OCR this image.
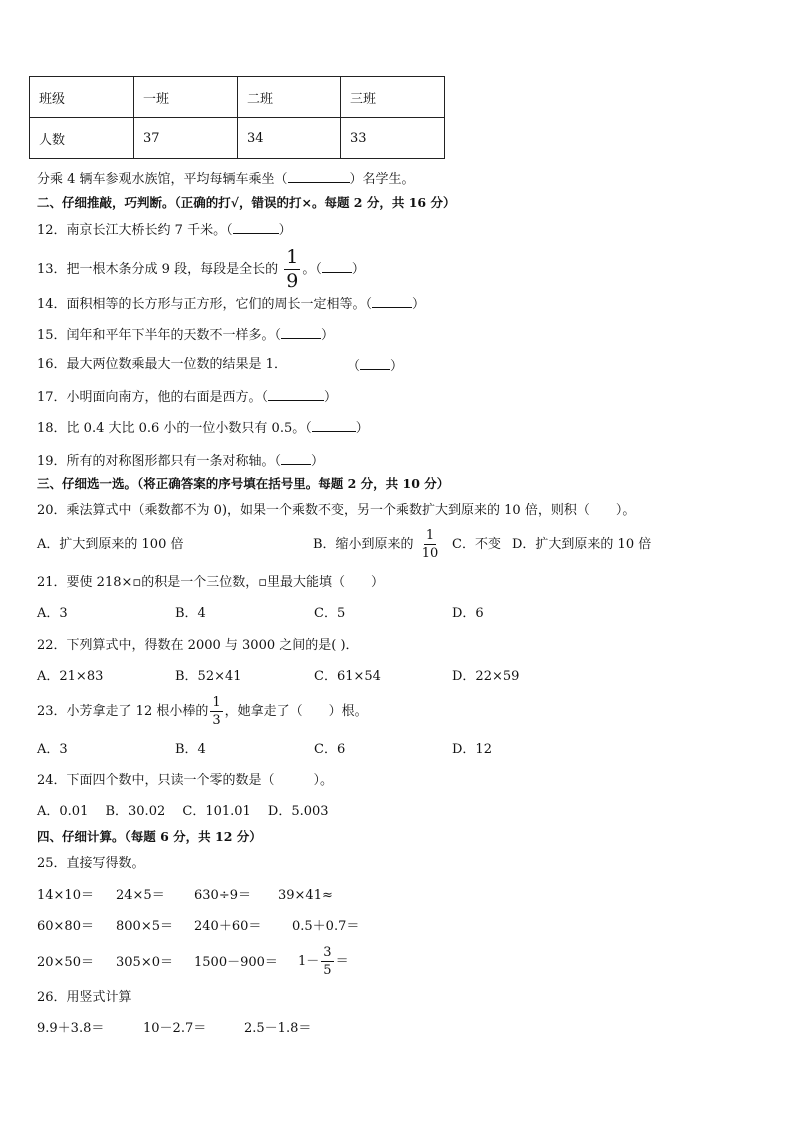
班级	一班	二班	三班
人数	37	34	33
分乘 4 辆车参观水族馆，平均每辆车乘坐（	）名学生。
二、仔细推敲，巧判断。（正确的打√，错误的打×。每题 2 分，共 16 分）
12．南京长江大桥长约 7 千米。（	）
13．把一根木条分成 9 段，每段是全长的 $\frac{1}{9}$ 。（ ）
14．面积相等的长方形与正方形，它们的周长一定相等。（	）
15．闰年和平年下半年的天数不一样多。（	）
16．最大两位数乘最大一位数的结果是 1．	（ ）
17．小明面向南方，他的右面是西方。（	）
18．比 0.4 大比 0.6 小的一位小数只有 0.5。（	）
19．所有的对称图形都只有一条对称轴。（ ）
三、仔细选一选。（将正确答案的序号填在括号里。每题 2 分，共 10 分）
20．乘法算式中（乘数都不为 0)，如果一个乘数不变，另一个乘数扩大到原来的 10 倍，则积（　　）。
A．扩大到原来的 100 倍	B．缩小到原来的 $\frac{1}{10}$ C．不变 D．扩大到原来的 10 倍
21．要使 218×▫的积是一个三位数，▫里最大能填（　　）
A．3	B．4	C．5	D．6
22．下列算式中，得数在 2000 与 3000 之间的是( )．
A．21×83	B．52×41	C．61×54	D．22×59
23．小芳拿走了 12 根小棒的 $\frac{1}{3}$ ，她拿走了（　　）根。
A．3	B．4	C．6	D．12
24．下面四个数中，只读一个零的数是（　　　）。
A．0.01　 B．30.02　 C．101.01　 D．5.003
四、仔细计算。（每题 6 分，共 12 分）
25．直接写得数。
14×10＝ 24×5＝ 630÷9＝ 39×41≈
60×80＝ 800×5＝ 240＋60＝ 0.5＋0.7＝
$20\times 50= 305\times 0= 1500-900= 1- \frac{3}{5}$ ＝
26．用竖式计算
9.9＋3.8＝	10－2.7＝	2.5－1.8＝
